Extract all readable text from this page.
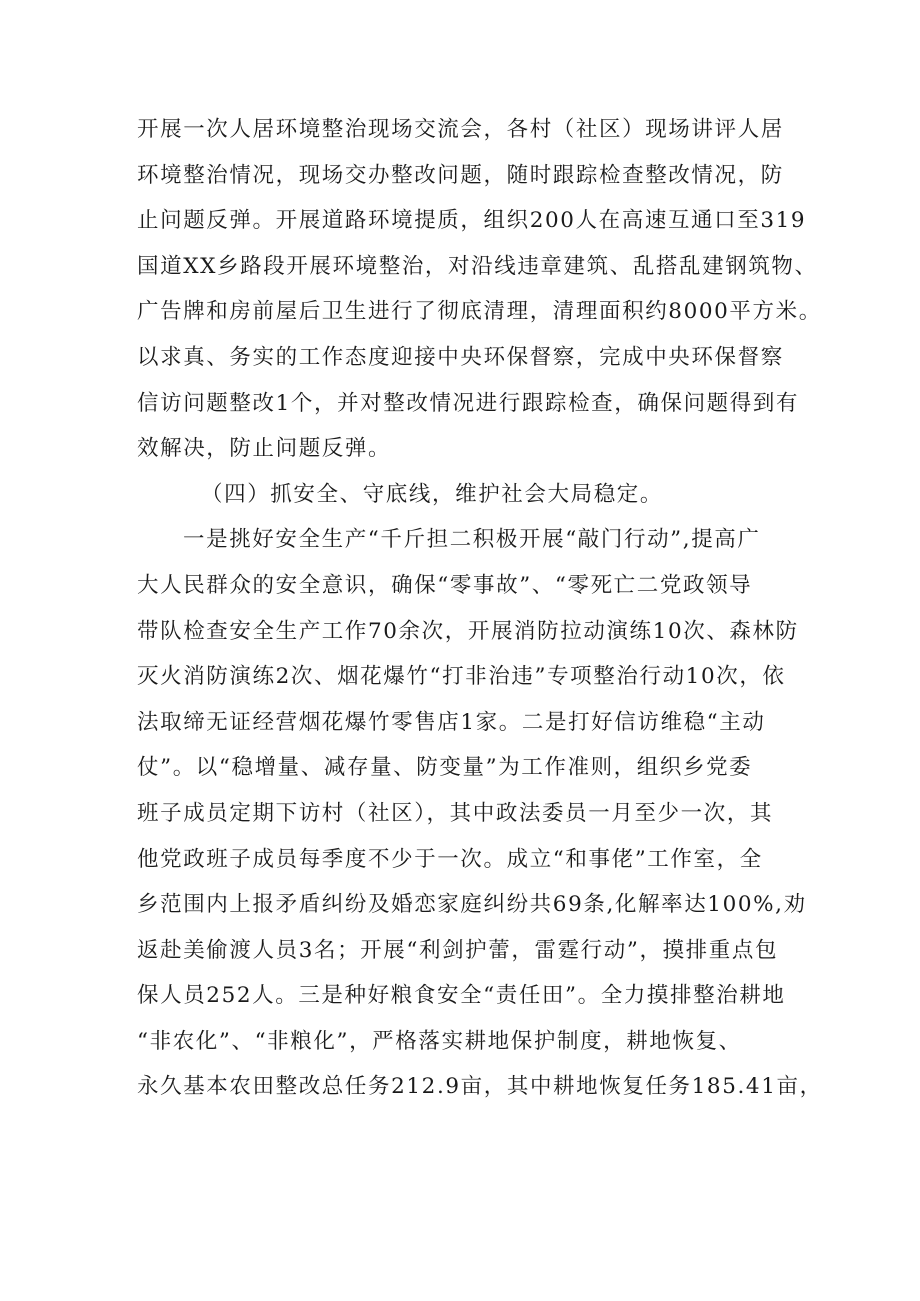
开展一次人居环境整治现场交流会，各村（社区）现场讲评人居
环境整治情况，现场交办整改问题，随时跟踪检查整改情况，防
止问题反弹。开展道路环境提质，组织200人在高速互通口至319
国道XX乡路段开展环境整治，对沿线违章建筑、乱搭乱建钢筑物、
广告牌和房前屋后卫生进行了彻底清理，清理面积约8000平方米。
以求真、务实的工作态度迎接中央环保督察，完成中央环保督察
信访问题整改1个，并对整改情况进行跟踪检查，确保问题得到有
效解决，防止问题反弹。
（四）抓安全、守底线，维护社会大局稳定。
一是挑好安全生产“千斤担二积极开展“敲门行动”,提高广
大人民群众的安全意识，确保“零事故”、“零死亡二党政领导
带队检查安全生产工作70余次，开展消防拉动演练10次、森林防
灭火消防演练2次、烟花爆竹“打非治违”专项整治行动10次，依
法取缔无证经营烟花爆竹零售店1家。二是打好信访维稳“主动
仗”。以“稳增量、减存量、防变量”为工作准则，组织乡党委
班子成员定期下访村（社区），其中政法委员一月至少一次，其
他党政班子成员每季度不少于一次。成立“和事佬”工作室，全
乡范围内上报矛盾纠纷及婚恋家庭纠纷共69条,化解率达100%,劝
返赴美偷渡人员3名；开展“利剑护蕾，雷霆行动”，摸排重点包
保人员252人。三是种好粮食安全“责任田”。全力摸排整治耕地
“非农化”、“非粮化”，严格落实耕地保护制度，耕地恢复、
永久基本农田整改总任务212.9亩，其中耕地恢复任务185.41亩，
